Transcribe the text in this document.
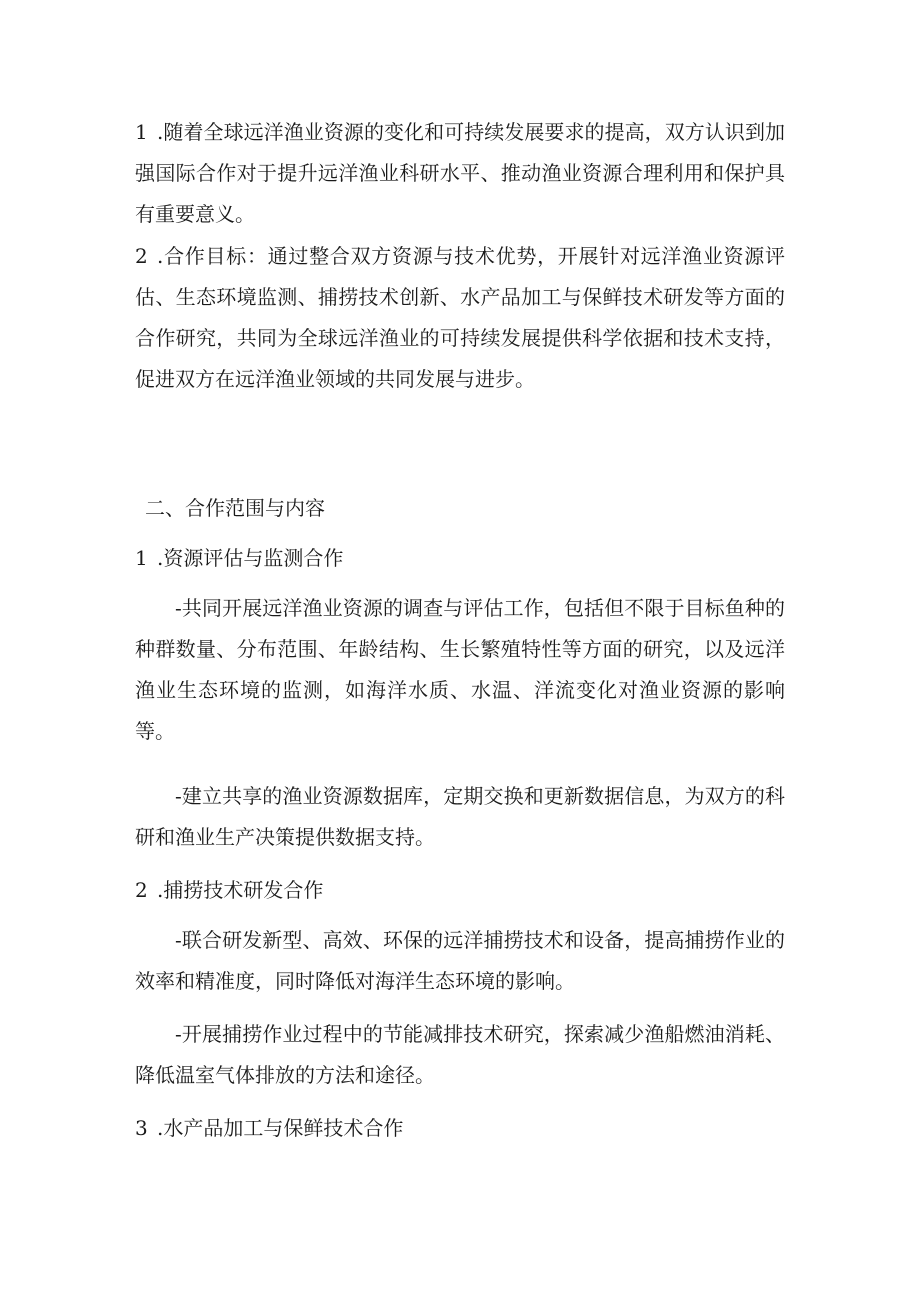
1 .随着全球远洋渔业资源的变化和可持续发展要求的提高，双方认识到加强国际合作对于提升远洋渔业科研水平、推动渔业资源合理利用和保护具有重要意义。

2 .合作目标：通过整合双方资源与技术优势，开展针对远洋渔业资源评估、生态环境监测、捕捞技术创新、水产品加工与保鲜技术研发等方面的合作研究，共同为全球远洋渔业的可持续发展提供科学依据和技术支持，促进双方在远洋渔业领域的共同发展与进步。

二、合作范围与内容

1 .资源评估与监测合作

-共同开展远洋渔业资源的调查与评估工作，包括但不限于目标鱼种的种群数量、分布范围、年龄结构、生长繁殖特性等方面的研究，以及远洋渔业生态环境的监测，如海洋水质、水温、洋流变化对渔业资源的影响等。

-建立共享的渔业资源数据库，定期交换和更新数据信息，为双方的科研和渔业生产决策提供数据支持。

2 .捕捞技术研发合作

-联合研发新型、高效、环保的远洋捕捞技术和设备，提高捕捞作业的效率和精准度，同时降低对海洋生态环境的影响。

-开展捕捞作业过程中的节能减排技术研究，探索减少渔船燃油消耗、降低温室气体排放的方法和途径。

3 .水产品加工与保鲜技术合作
